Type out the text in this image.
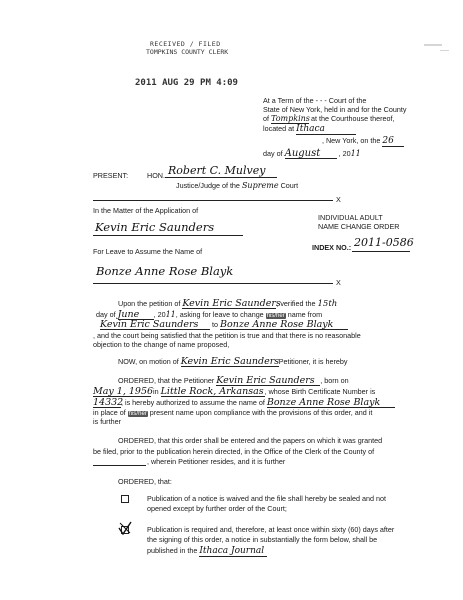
RECEIVED / FILED
TOMPKINS COUNTY CLERK
2011 AUG 29 PM 4:09
At a Term of the - - - Court of the
State of New York, held in and for the County
of Tompkins at the Courthouse thereof,
located at Ithaca
, New York, on the 26
day of August	, 2011
PRESENT:	HON. Robert C. Mulvey
Justice/Judge of the Supreme Court
X
In the Matter of the Application of
Kevin Eric Saunders
For Leave to Assume the Name of
Bonze Anne Rose Blayk
X
INDIVIDUAL ADULT
NAME CHANGE ORDER
INDEX NO.: 2011-0586
Upon the petition of Kevin Eric Saunders, verified the 15th
day of June , 2011, asking for leave to change his/her name from
Kevin Eric Saunders to Bonze Anne Rose Blayk
, and the court being satisfied that the petition is true and that there is no reasonable
objection to the change of name proposed,
NOW, on motion of Kevin Eric SaundersPetitioner, it is hereby
ORDERED, that the Petitioner Kevin Eric Saunders , born on
May 1, 1956 in Little Rock, Arkansas, whose Birth Certificate Number is
14332, is hereby authorized to assume the name of Bonze Anne Rose Blayk
in place of his/her present name upon compliance with the provisions of this order, and it
is further
ORDERED, that this order shall be entered and the papers on which it was granted
be filed, prior to the publication herein directed, in the Office of the Clerk of the County of
, wherein Petitioner resides, and it is further
ORDERED, that:
Publication of a notice is waived and the file shall hereby be sealed and not
opened except by further order of the Court;
Publication is required and, therefore, at least once within sixty (60) days after
the signing of this order, a notice in substantially the form below, shall be
published in the Ithaca Journal
